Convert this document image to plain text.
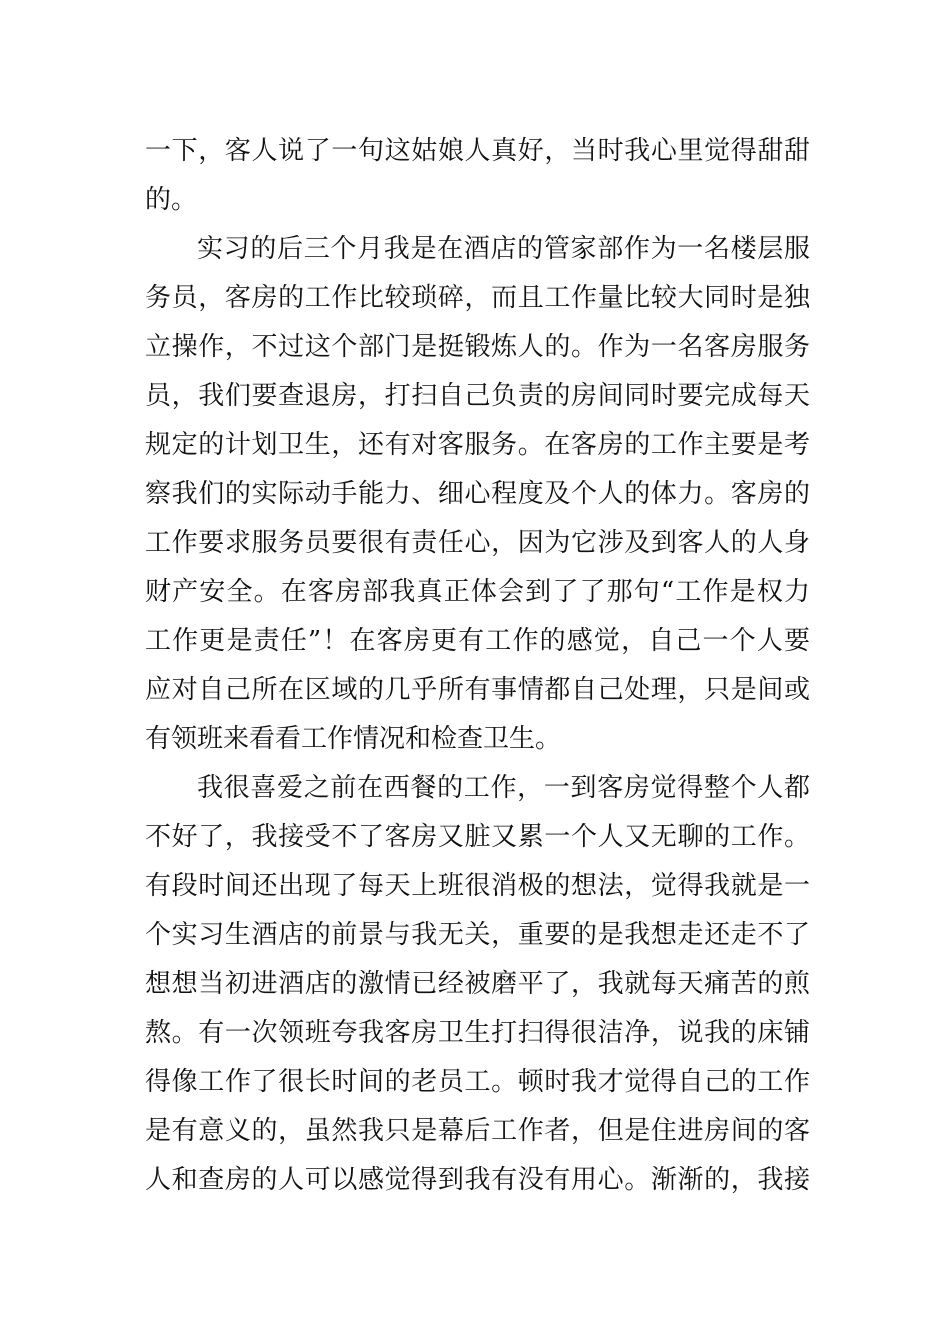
一下，客人说了一句这姑娘人真好，当时我心里觉得甜甜
的。
实习的后三个月我是在酒店的管家部作为一名楼层服
务员，客房的工作比较琐碎，而且工作量比较大同时是独
立操作，不过这个部门是挺锻炼人的。作为一名客房服务
员，我们要查退房，打扫自己负责的房间同时要完成每天
规定的计划卫生，还有对客服务。在客房的工作主要是考
察我们的实际动手能力、细心程度及个人的体力。客房的
工作要求服务员要很有责任心，因为它涉及到客人的人身
财产安全。在客房部我真正体会到了了那句“工作是权力
工作更是责任”！在客房更有工作的感觉，自己一个人要
应对自己所在区域的几乎所有事情都自己处理，只是间或
有领班来看看工作情况和检查卫生。
我很喜爱之前在西餐的工作，一到客房觉得整个人都
不好了，我接受不了客房又脏又累一个人又无聊的工作。
有段时间还出现了每天上班很消极的想法，觉得我就是一
个实习生酒店的前景与我无关，重要的是我想走还走不了
想想当初进酒店的激情已经被磨平了，我就每天痛苦的煎
熬。有一次领班夸我客房卫生打扫得很洁净，说我的床铺
得像工作了很长时间的老员工。顿时我才觉得自己的工作
是有意义的，虽然我只是幕后工作者，但是住进房间的客
人和查房的人可以感觉得到我有没有用心。渐渐的，我接
